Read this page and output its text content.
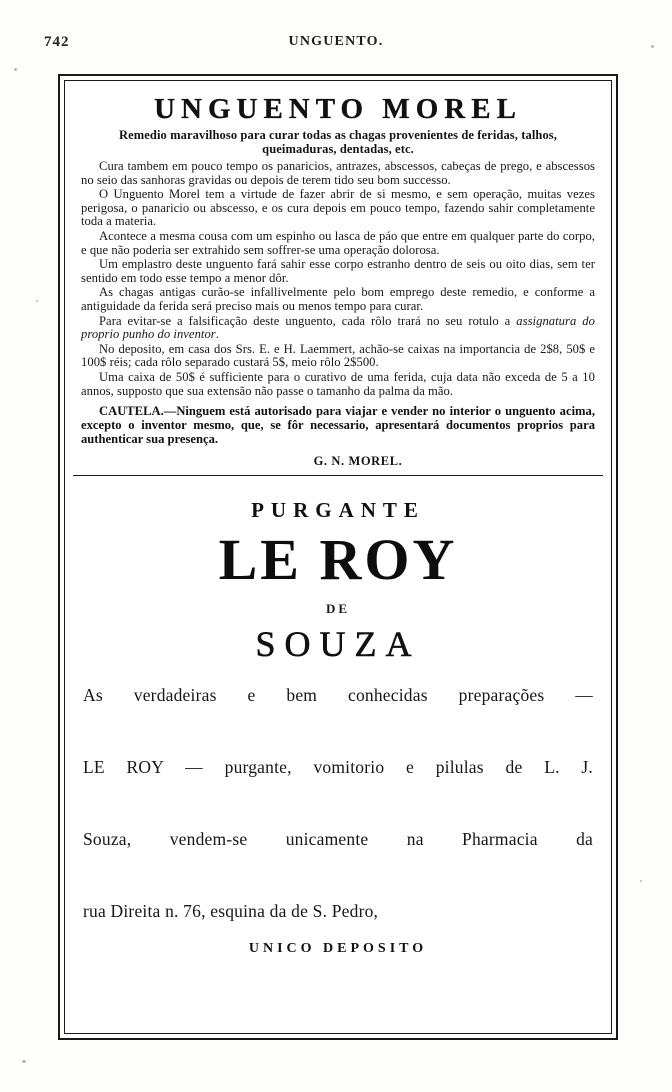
742	UNGUENTO.
UNGUENTO MOREL
Remedio maravilhoso para curar todas as chagas provenientes de feridas, talhos, queimaduras, dentadas, etc.

Cura tambem em pouco tempo os panaricios, antrazes, abscessos, cabeças de prego, e abscessos no seio das sanhoras gravidas ou depois de terem tido seu bom successo.

O Unguento Morel tem a virtude de fazer abrir de si mesmo, e sem operação, muitas vezes perigosa, o panaricio ou abscesso, e os cura depois em pouco tempo, fazendo sahir completamente toda a materia.

Acontece a mesma cousa com um espinho ou lasca de páo que entre em qualquer parte do corpo, e que não poderia ser extrahido sem soffrer-se uma operação dolorosa.

Um emplastro deste unguento fará sahir esse corpo estranho dentro de seis ou oito dias, sem ter sentido em todo esse tempo a menor dôr.

As chagas antigas curão-se infallivelmente pelo bom emprego deste remedio, e conforme a antiguidade da ferida será preciso mais ou menos tempo para curar.

Para evitar-se a falsificação deste unguento, cada rôlo trará no seu rotulo a assignatura do proprio punho do inventor.

No deposito, em casa dos Srs. E. e H. Laemmert, achão-se caixas na importancia de 2$8, 50$ e 100$ réis; cada rôlo separado custará 5$, meio rôlo 2$500.

Uma caixa de 50$ é sufficiente para o curativo de uma ferida, cuja data não exceda de 5 a 10 annos, supposto que sua extensão não passe o tamanho da palma da mão.

CAUTELA.—Ninguem está autorisado para viajar e vender no interior o unguento acima, excepto o inventor mesmo, que, se fôr necessario, apresentará documentos proprios para authenticar sua presença.

G. N. MOREL.
PURGANTE
LE ROY
DE
SOUZA
As verdadeiras e bem conhecidas preparações —
LE ROY — purgante, vomitorio e pilulas de L. J.
Souza, vendem-se unicamente na Pharmacia da
rua Direita n. 76, esquina da de S. Pedro,
UNICO DEPOSITO
